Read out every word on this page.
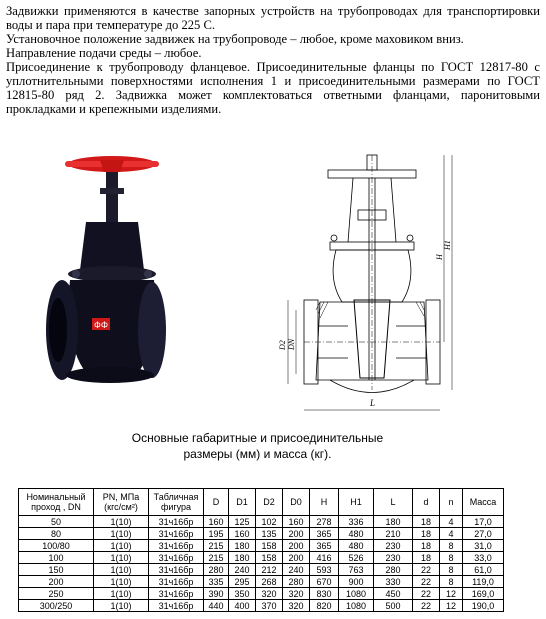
Задвижки применяются в качестве запорных устройств на трубопроводах для транспортировки воды и пара при температуре до 225 С.

Установочное положение задвижек на трубопроводе – любое, кроме маховиком вниз.

Направление подачи среды – любое.

Присоединение к трубопроводу фланцевое. Присоединительные фланцы по ГОСТ 12817-80 с уплотнительными поверхностями исполнения 1 и присоединительными размерами по ГОСТ 12815-80 ряд 2. Задвижка может комплектоваться ответными фланцами, паронитовыми прокладками и крепежными изделиями.

ФΦ
D2 DN
L
H
H1
Основные габаритные и присоединительные
размеры (мм) и масса (кг).
Номинальный проход , DN	PN, МПа (кгс/см²)	Табличная фигура	D	D1	D2	D0	H	H1	L	d	n	Масса
50	1(10)	31ч16бр	160	125	102	160	278	336	180	18	4	17,0
80	1(10)	31ч16бр	195	160	135	200	365	480	210	18	4	27,0
100/80	1(10)	31ч16бр	215	180	158	200	365	480	230	18	8	31,0
100	1(10)	31ч16бр	215	180	158	200	416	526	230	18	8	33,0
150	1(10)	31ч16бр	280	240	212	240	593	763	280	22	8	61,0
200	1(10)	31ч16бр	335	295	268	280	670	900	330	22	8	119,0
250	1(10)	31ч16бр	390	350	320	320	830	1080	450	22	12	169,0
300/250	1(10)	31ч16бр	440	400	370	320	820	1080	500	22	12	190,0
